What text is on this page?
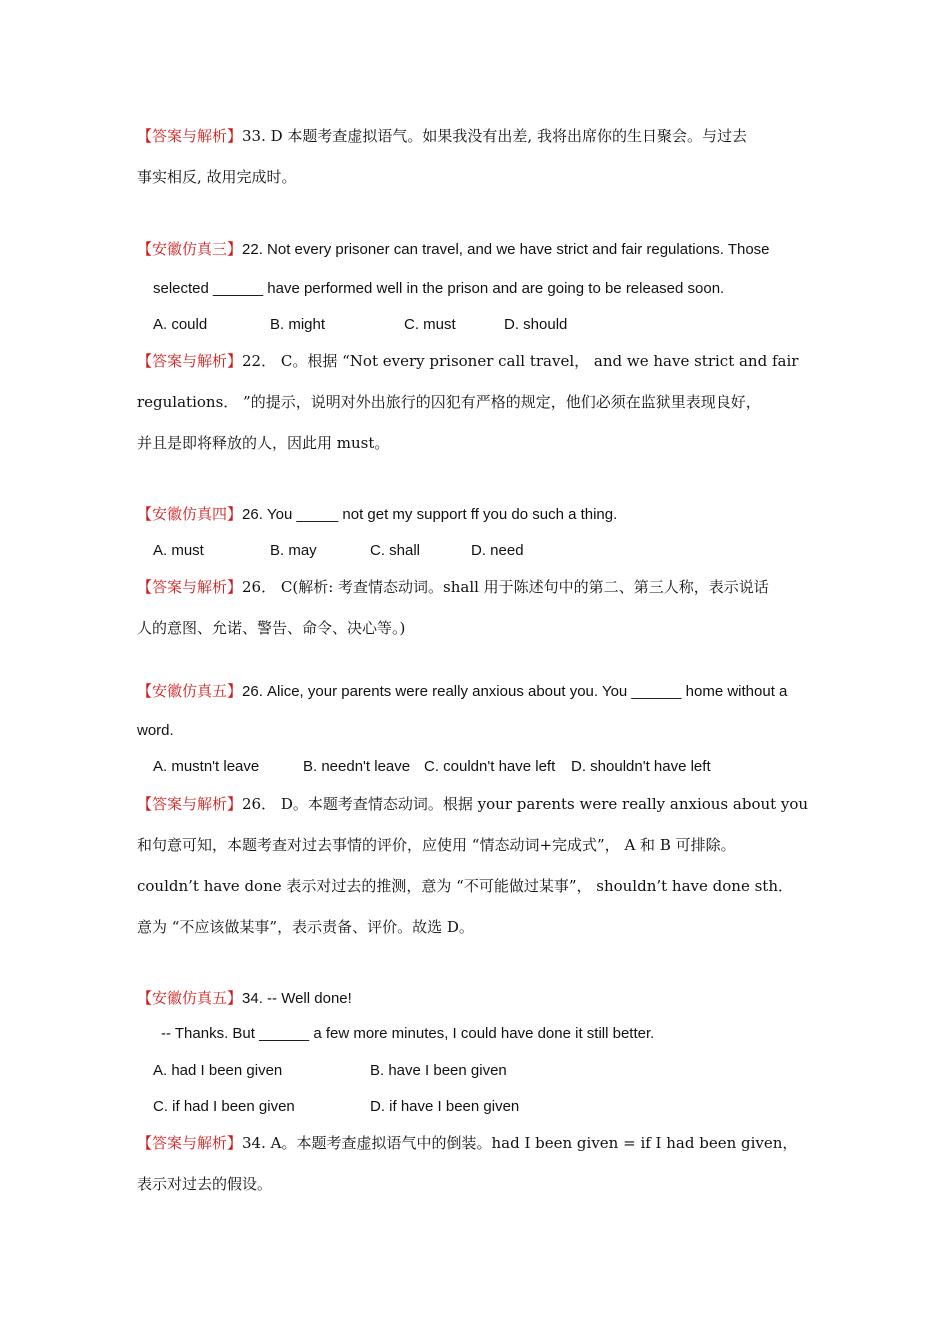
【答案与解析】33. D 本题考查虚拟语气。如果我没有出差, 我将出席你的生日聚会。与过去
事实相反, 故用完成时。
【安徽仿真三】22. Not every prisoner can travel, and we have strict and fair regulations. Those
selected ______ have performed well in the prison and are going to be released soon.
A. could	B. might	C. must	D. should
【答案与解析】22． C。根据 “Not every prisoner call travel， and we have strict and fair
regulations． ”的提示，说明对外出旅行的囚犯有严格的规定，他们必须在监狱里表现良好，
并且是即将释放的人，因此用 must。
【安徽仿真四】26. You _____ not get my support ff you do such a thing.
A. must	B. may	C. shall	D. need
【答案与解析】26． C(解析: 考查情态动词。shall 用于陈述句中的第二、第三人称，表示说话
人的意图、允诺、警告、命令、决心等。)
【安徽仿真五】26. Alice, your parents were really anxious about you. You ______ home without a
word.
A. mustn't leave	B. needn't leave C. couldn't have left D. shouldn't have left
【答案与解析】26． D。本题考查情态动词。根据 your parents were really anxious about you
和句意可知，本题考查对过去事情的评价，应使用 “情态动词+完成式”， A 和 B 可排除。
couldn’t have done 表示对过去的推测，意为 “不可能做过某事”， shouldn’t have done sth．
意为 “不应该做某事”，表示责备、评价。故选 D。
【安徽仿真五】34. -- Well done!
-- Thanks. But ______ a few more minutes, I could have done it still better.
A. had I been given	B. have I been given
C. if had I been given	D. if have I been given
【答案与解析】34. A。本题考查虚拟语气中的倒装。had I been given = if I had been given，
表示对过去的假设。
